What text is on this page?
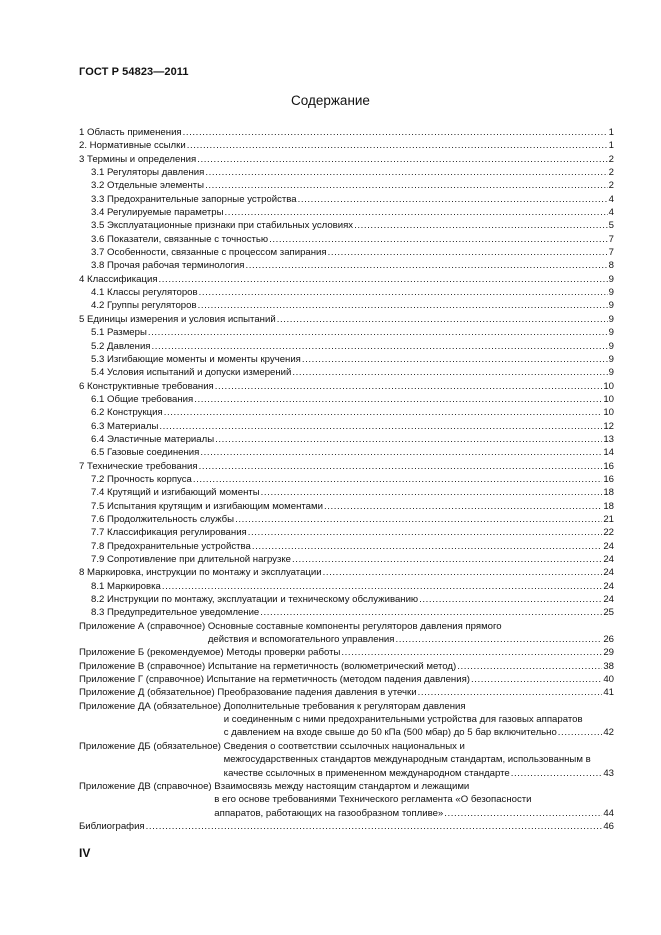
ГОСТ Р 54823—2011
Содержание
1 Область применения .....	1
2. Нормативные ссылки .....	1
3 Термины и определения .....	2
3.1 Регуляторы давления .....	2
3.2 Отдельные элементы .....	2
3.3 Предохранительные запорные устройства .....	4
3.4 Регулируемые параметры .....	4
3.5 Эксплуатационные признаки при стабильных условиях .....	5
3.6 Показатели, связанные с точностью .....	7
3.7 Особенности, связанные с процессом запирания .....	7
3.8 Прочая рабочая терминология .....	8
4 Классификация .....	9
4.1 Классы регуляторов .....	9
4.2 Группы регуляторов .....	9
5 Единицы измерения и условия испытаний .....	9
5.1 Размеры .....	9
5.2 Давления .....	9
5.3 Изгибающие моменты и моменты кручения .....	9
5.4 Условия испытаний и допуски измерений .....	9
6 Конструктивные требования .....	10
6.1 Общие требования .....	10
6.2 Конструкция .....	10
6.3 Материалы .....	12
6.4 Эластичные материалы .....	13
6.5 Газовые соединения .....	14
7 Технические требования .....	16
7.2 Прочность корпуса .....	16
7.4 Крутящий и изгибающий моменты .....	18
7.5 Испытания крутящим и изгибающим моментами .....	18
7.6 Продолжительность службы .....	21
7.7 Классификация регулирования .....	22
7.8 Предохранительные устройства .....	24
7.9 Сопротивление при длительной нагрузке .....	24
8 Маркировка, инструкции по монтажу и эксплуатации .....	24
8.1 Маркировка .....	24
8.2 Инструкции по монтажу, эксплуатации и техническому обслуживанию .....	24
8.3 Предупредительное уведомление .....	25
Приложение А (справочное) Основные составные компоненты регуляторов давления прямого
действия и вспомогательного управления .....	26
Приложение Б (рекомендуемое) Методы проверки работы .....	29
Приложение В (справочное) Испытание на герметичность (волюметрический метод) .....	38
Приложение Г (справочное) Испытание на герметичность (методом падения давления) .....	40
Приложение Д (обязательное) Преобразование падения давления в утечки .....	41
Приложение ДА (обязательное) Дополнительные требования к регуляторам давления
и соединенным с ними предохранительными устройства для газовых аппаратов
с давлением на входе свыше до 50 кПа (500 мбар) до 5 бар включительно .....	42
Приложение ДБ (обязательное) Сведения о соответствии ссылочных национальных и
межгосударственных стандартов международным стандартам, использованным в
качестве ссылочных в примененном международном стандарте .....	43
Приложение ДВ (справочное) Взаимосвязь между настоящим стандартом и лежащими
в его основе требованиями Технического регламента «О безопасности
аппаратов, работающих на газообразном топливе» .....	44
Библиография .....	46
IV
